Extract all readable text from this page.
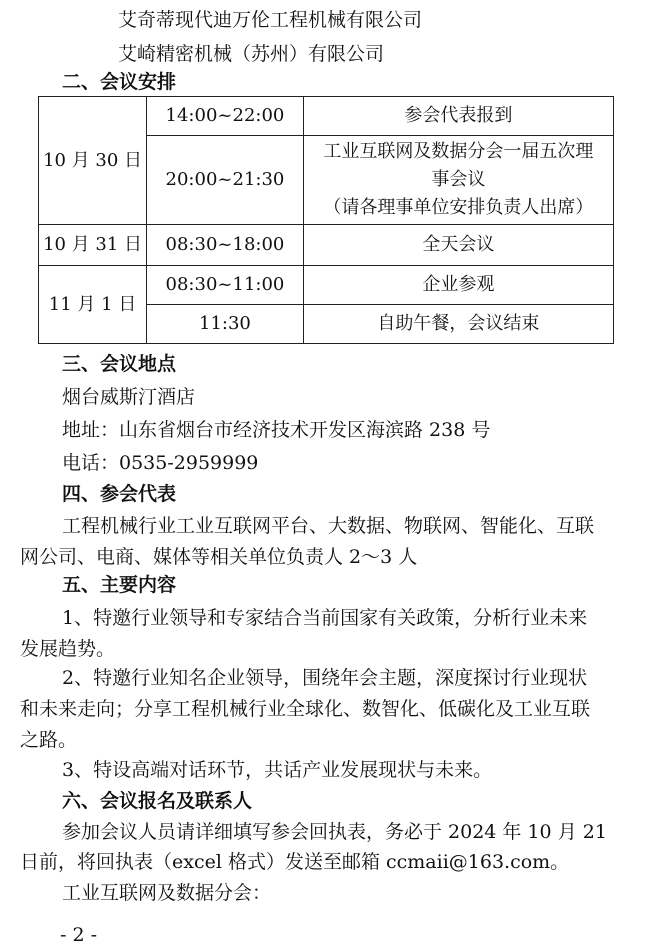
艾奇蒂现代迪万伦工程机械有限公司
艾崎精密机械（苏州）有限公司
二、会议安排
10 月 30 日	14:00~22:00	参会代表报到
	20:00~21:30	工业互联网及数据分会一届五次理
事会议
（请各理事单位安排负责人出席）

10 月 31 日	08:30~18:00	全天会议
11 月 1 日	08:30~11:00	企业参观
	11:30	自助午餐，会议结束
三、会议地点
烟台威斯汀酒店
地址：山东省烟台市经济技术开发区海滨路 238 号
电话：0535-2959999
四、参会代表
工程机械行业工业互联网平台、大数据、物联网、智能化、互联
网公司、电商、媒体等相关单位负责人 2～3 人
五、主要内容
1、特邀行业领导和专家结合当前国家有关政策，分析行业未来
发展趋势。
2、特邀行业知名企业领导，围绕年会主题，深度探讨行业现状
和未来走向；分享工程机械行业全球化、数智化、低碳化及工业互联
之路。
3、特设高端对话环节，共话产业发展现状与未来。
六、会议报名及联系人
参加会议人员请详细填写参会回执表，务必于 2024 年 10 月 21
日前，将回执表（excel 格式）发送至邮箱 ccmaii@163.com。
工业互联网及数据分会：
- 2 -
